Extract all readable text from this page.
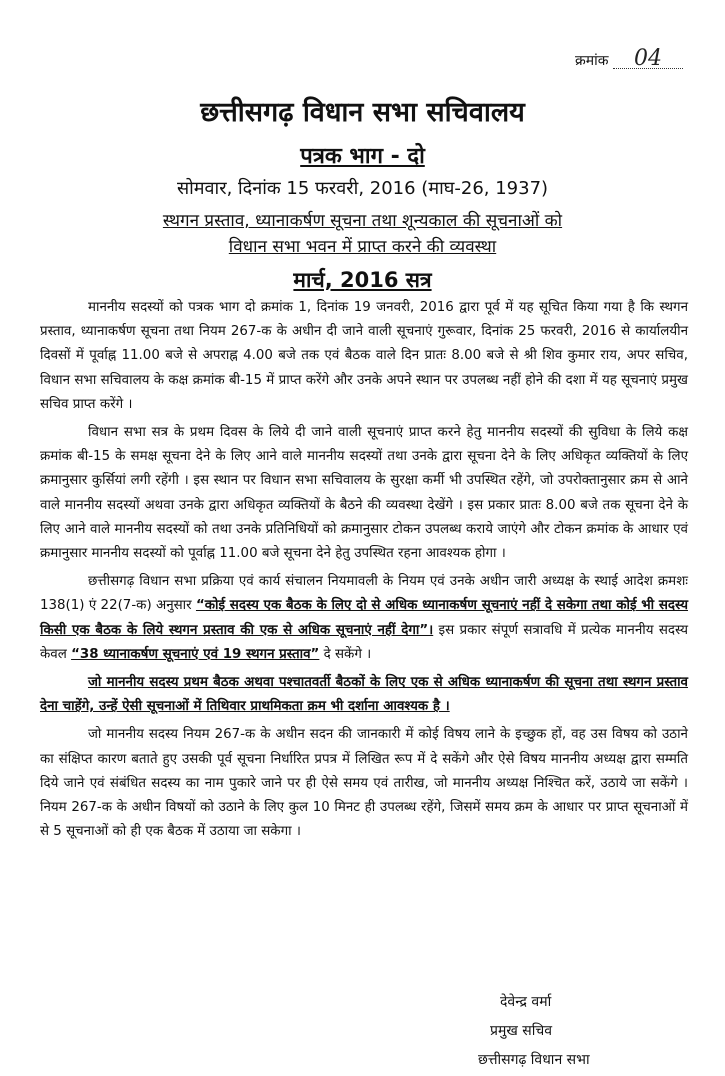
क्रमांक 04
छत्तीसगढ़ विधान सभा सचिवालय
पत्रक भाग - दो
सोमवार, दिनांक 15 फरवरी, 2016 (माघ-26, 1937)
स्थगन प्रस्ताव, ध्यानाकर्षण सूचना तथा शून्यकाल की सूचनाओं को
विधान सभा भवन में प्राप्त करने की व्यवस्था
मार्च, 2016 सत्र

माननीय सदस्यों को पत्रक भाग दो क्रमांक 1, दिनांक 19 जनवरी, 2016 द्वारा पूर्व में यह सूचित किया गया है कि स्थगन प्रस्ताव, ध्यानाकर्षण सूचना तथा नियम 267-क के अधीन दी जाने वाली सूचनाएं गुरूवार, दिनांक 25 फरवरी, 2016 से कार्यालयीन दिवसों में पूर्वाह्न 11.00 बजे से अपराह्न 4.00 बजे तक एवं बैठक वाले दिन प्रातः 8.00 बजे से श्री शिव कुमार राय, अपर सचिव, विधान सभा सचिवालय के कक्ष क्रमांक बी-15 में प्राप्त करेंगे और उनके अपने स्थान पर उपलब्ध नहीं होने की दशा में यह सूचनाएं प्रमुख सचिव प्राप्त करेंगे ।

विधान सभा सत्र के प्रथम दिवस के लिये दी जाने वाली सूचनाएं प्राप्त करने हेतु माननीय सदस्यों की सुविधा के लिये कक्ष क्रमांक बी-15 के समक्ष सूचना देने के लिए आने वाले माननीय सदस्यों तथा उनके द्वारा सूचना देने के लिए अधिकृत व्यक्तियों के लिए क्रमानुसार कुर्सियां लगी रहेंगी । इस स्थान पर विधान सभा सचिवालय के सुरक्षा कर्मी भी उपस्थित रहेंगे, जो उपरोक्तानुसार क्रम से आने वाले माननीय सदस्यों अथवा उनके द्वारा अधिकृत व्यक्तियों के बैठने की व्यवस्था देखेंगे । इस प्रकार प्रातः 8.00 बजे तक सूचना देने के लिए आने वाले माननीय सदस्यों को तथा उनके प्रतिनिधियों को क्रमानुसार टोकन उपलब्ध कराये जाएंगे और टोकन क्रमांक के आधार एवं क्रमानुसार माननीय सदस्यों को पूर्वाह्न 11.00 बजे सूचना देने हेतु उपस्थित रहना आवश्यक होगा ।

छत्तीसगढ़ विधान सभा प्रक्रिया एवं कार्य संचालन नियमावली के नियम एवं उनके अधीन जारी अध्यक्ष के स्थाई आदेश क्रमशः 138(1) एं 22(7-क) अनुसार “कोई सदस्य एक बैठक के लिए दो से अधिक ध्यानाकर्षण सूचनाएं नहीं दे सकेगा तथा कोई भी सदस्य किसी एक बैठक के लिये स्थगन प्रस्ताव की एक से अधिक सूचनाएं नहीं देगा”। इस प्रकार संपूर्ण सत्रावधि में प्रत्येक माननीय सदस्य केवल “38 ध्यानाकर्षण सूचनाएं एवं 19 स्थगन प्रस्ताव” दे सकेंगे ।

जो माननीय सदस्य प्रथम बैठक अथवा पश्चातवर्ती बैठकों के लिए एक से अधिक ध्यानाकर्षण की सूचना तथा स्थगन प्रस्ताव देना चाहेंगे, उन्हें ऐसी सूचनाओं में तिथिवार प्राथमिकता क्रम भी दर्शाना आवश्यक है ।

जो माननीय सदस्य नियम 267-क के अधीन सदन की जानकारी में कोई विषय लाने के इच्छुक हों, वह उस विषय को उठाने का संक्षिप्त कारण बताते हुए उसकी पूर्व सूचना निर्धारित प्रपत्र में लिखित रूप में दे सकेंगे और ऐसे विषय माननीय अध्यक्ष द्वारा सम्मति दिये जाने एवं संबंधित सदस्य का नाम पुकारे जाने पर ही ऐसे समय एवं तारीख, जो माननीय अध्यक्ष निश्चित करें, उठाये जा सकेंगे । नियम 267-क के अधीन विषयों को उठाने के लिए कुल 10 मिनट ही उपलब्ध रहेंगे, जिसमें समय क्रम के आधार पर प्राप्त सूचनाओं में से 5 सूचनाओं को ही एक बैठक में उठाया जा सकेगा ।

देवेन्द्र वर्मा
प्रमुख सचिव
छत्तीसगढ़ विधान सभा
